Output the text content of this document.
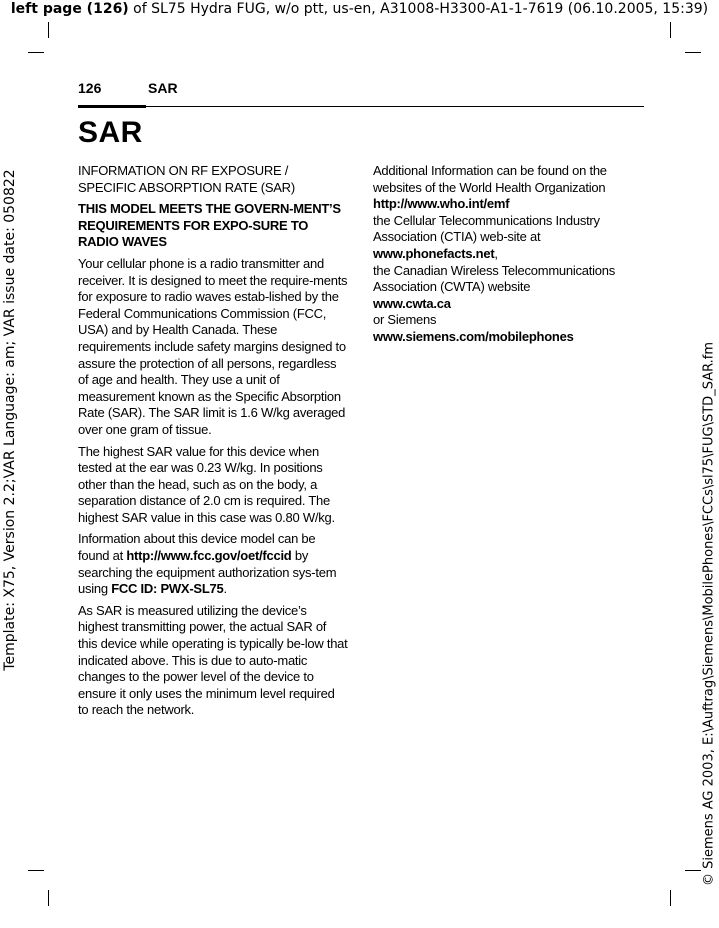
left page (126) of SL75 Hydra FUG, w/o ptt, us-en, A31008-H3300-A1-1-7619 (06.10.2005, 15:39)
Template: X75, Version 2.2;VAR Language: am; VAR issue date: 050822	© Siemens AG 2003, E:\Auftrag\Siemens\MobilePhones\FCCs\sl75\FUG\STD_SAR.fm
126	SAR
SAR

INFORMATION ON RF EXPOSURE / SPECIFIC ABSORPTION RATE (SAR)

THIS MODEL MEETS THE GOVERN-MENT’S REQUIREMENTS FOR EXPO-SURE TO RADIO WAVES

Your cellular phone is a radio transmitter and receiver. It is designed to meet the require-ments for exposure to radio waves estab-lished by the Federal Communications Commission (FCC, USA) and by Health Canada. These requirements include safety margins designed to assure the protection of all persons, regardless of age and health. They use a unit of measurement known as the Specific Absorption Rate (SAR). The SAR limit is 1.6 W/kg averaged over one gram of tissue.

The highest SAR value for this device when tested at the ear was 0.23 W/kg. In positions other than the head, such as on the body, a separation distance of 2.0 cm is required. The highest SAR value in this case was 0.80 W/kg.

Information about this device model can be found at http://www.fcc.gov/oet/fccid by searching the equipment authorization sys-tem using FCC ID: PWX-SL75.

As SAR is measured utilizing the device’s highest transmitting power, the actual SAR of this device while operating is typically be-low that indicated above. This is due to auto-matic changes to the power level of the device to ensure it only uses the minimum level required to reach the network.

Additional Information can be found on the websites of the World Health Organization
http://www.who.int/emf
the Cellular Telecommunications Industry Association (CTIA) web-site at
www.phonefacts.net,
the Canadian Wireless Telecommunications Association (CWTA) website
www.cwta.ca
or Siemens
www.siemens.com/mobilephones
